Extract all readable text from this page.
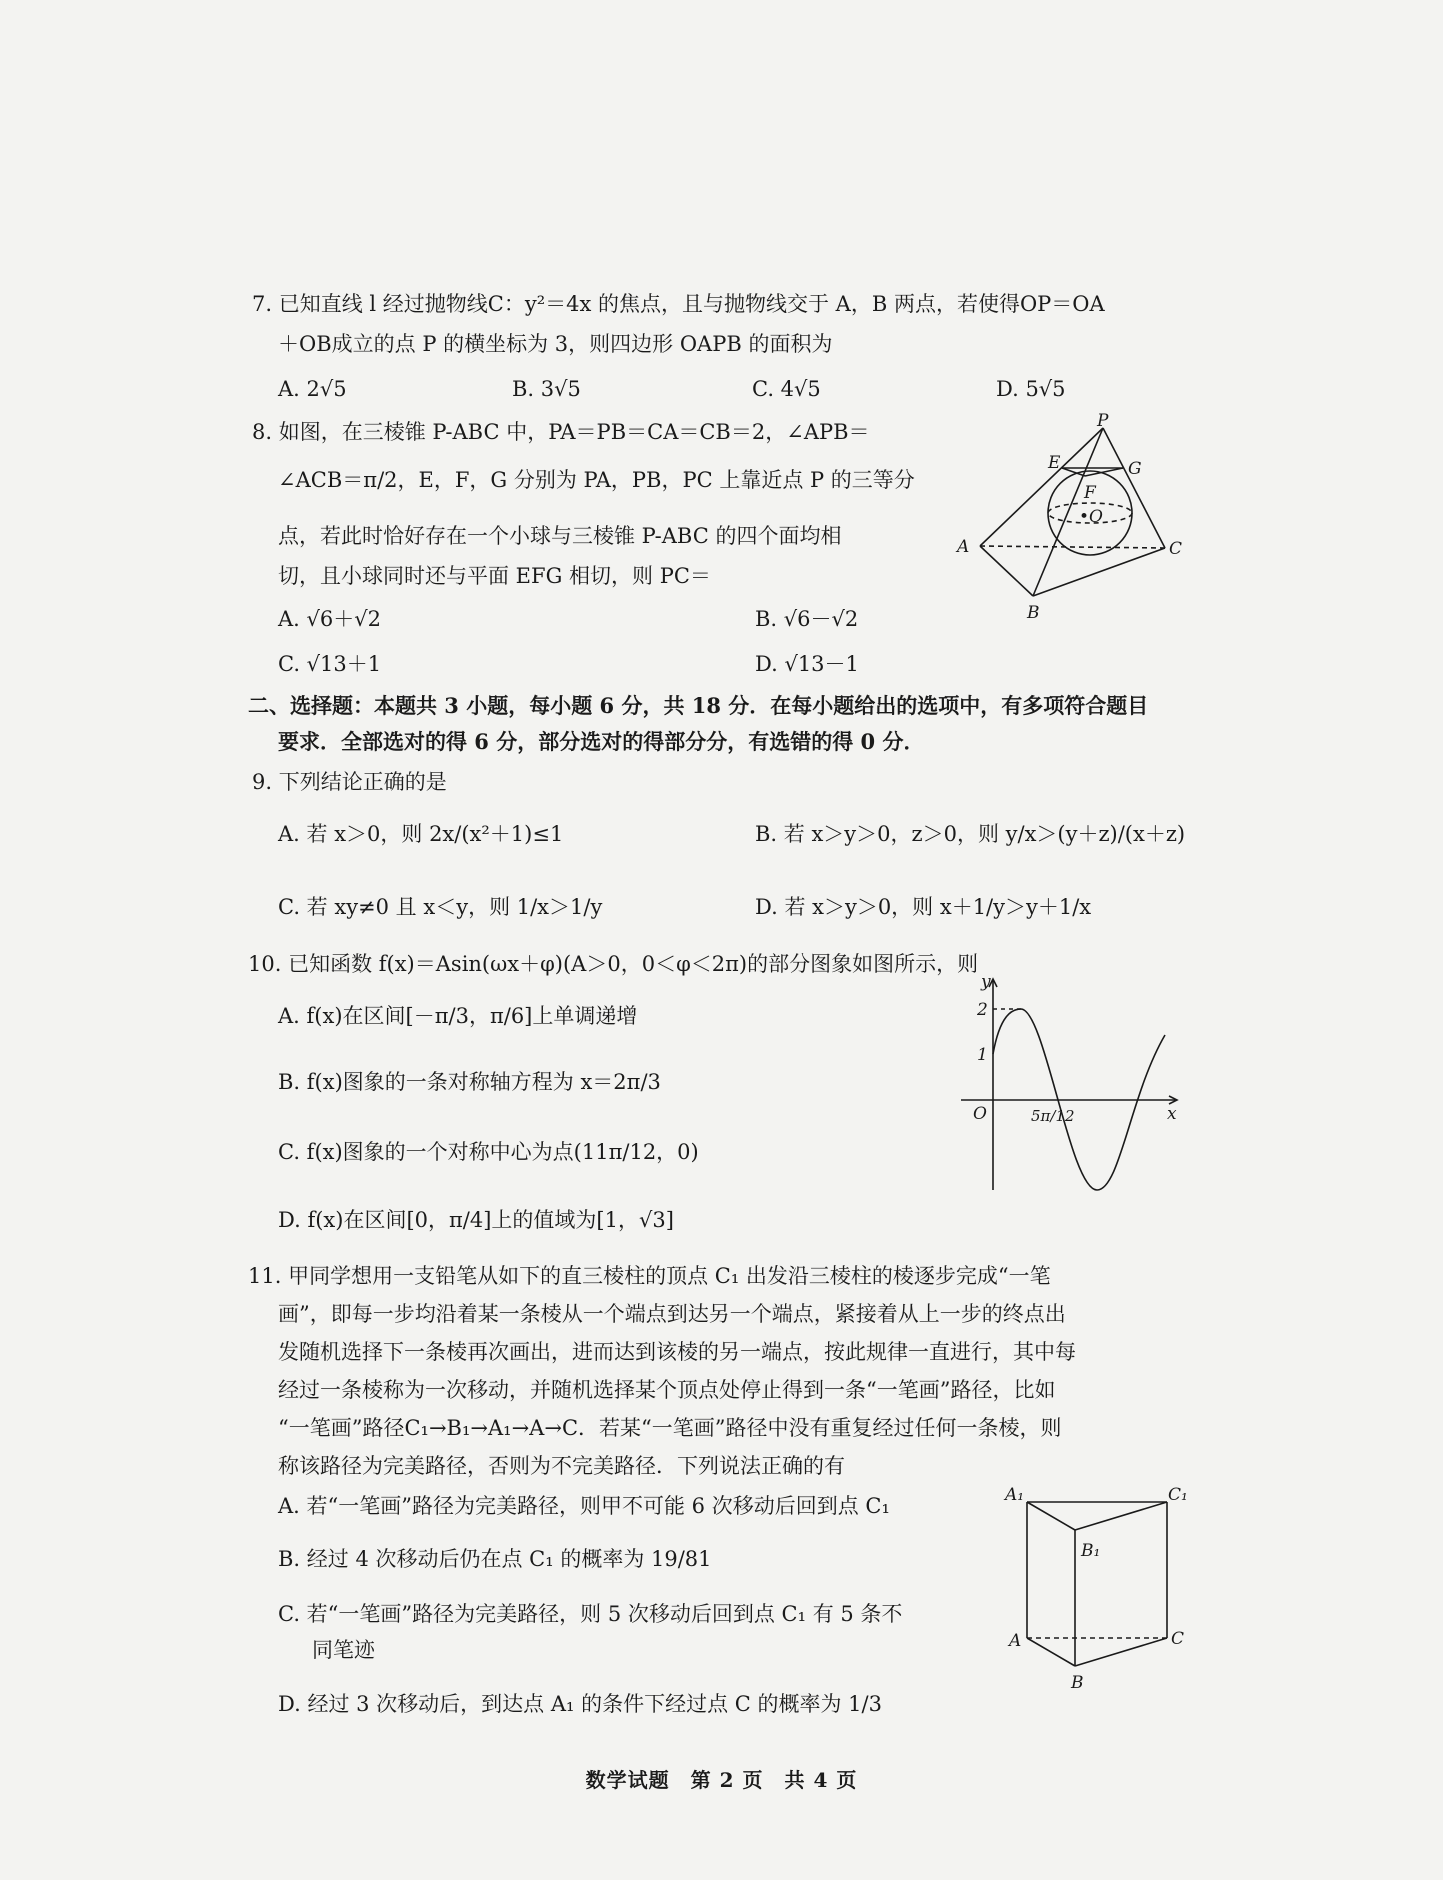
7. 已知直线 l 经过抛物线C：y²＝4x 的焦点，且与抛物线交于 A，B 两点，若使得OP＝OA
＋OB成立的点 P 的横坐标为 3，则四边形 OAPB 的面积为
A. 2√5	B. 3√5	C. 4√5	D. 5√5
8. 如图，在三棱锥 P-ABC 中，PA＝PB＝CA＝CB＝2，∠APB＝
∠ACB＝π/2，E，F，G 分别为 PA，PB，PC 上靠近点 P 的三等分
点，若此时恰好存在一个小球与三棱锥 P-ABC 的四个面均相
切，且小球同时还与平面 EFG 相切，则 PC＝
A. √6＋√2	B. √6－√2
C. √13＋1	D. √13－1
P
E	G
F
•O
A	C
B
二、选择题：本题共 3 小题，每小题 6 分，共 18 分．在每小题给出的选项中，有多项符合题目
要求．全部选对的得 6 分，部分选对的得部分分，有选错的得 0 分．
9. 下列结论正确的是
A. 若 x＞0，则 2x/(x²＋1)≤1	B. 若 x＞y＞0，z＞0，则 y/x＞(y＋z)/(x＋z)
C. 若 xy≠0 且 x＜y，则 1/x＞1/y	D. 若 x＞y＞0，则 x＋1/y＞y＋1/x
10. 已知函数 f(x)＝Asin(ωx＋φ)(A＞0，0＜φ＜2π)的部分图象如图所示，则
A. f(x)在区间[－π/3，π/6]上单调递增
B. f(x)图象的一条对称轴方程为 x＝2π/3
C. f(x)图象的一个对称中心为点(11π/12，0)
D. f(x)在区间[0，π/4]上的值域为[1，√3]
y
2
1
O	5π/12	x
11. 甲同学想用一支铅笔从如下的直三棱柱的顶点 C₁ 出发沿三棱柱的棱逐步完成“一笔
画”，即每一步均沿着某一条棱从一个端点到达另一个端点，紧接着从上一步的终点出
发随机选择下一条棱再次画出，进而达到该棱的另一端点，按此规律一直进行，其中每
经过一条棱称为一次移动，并随机选择某个顶点处停止得到一条“一笔画”路径，比如
“一笔画”路径C₁→B₁→A₁→A→C．若某“一笔画”路径中没有重复经过任何一条棱，则
称该路径为完美路径，否则为不完美路径．下列说法正确的有
A. 若“一笔画”路径为完美路径，则甲不可能 6 次移动后回到点 C₁
B. 经过 4 次移动后仍在点 C₁ 的概率为 19/81
C. 若“一笔画”路径为完美路径，则 5 次移动后回到点 C₁ 有 5 条不
同笔迹
D. 经过 3 次移动后，到达点 A₁ 的条件下经过点 C 的概率为 1/3
A₁	C₁
B₁
A	C
B
数学试题　第 2 页　共 4 页
